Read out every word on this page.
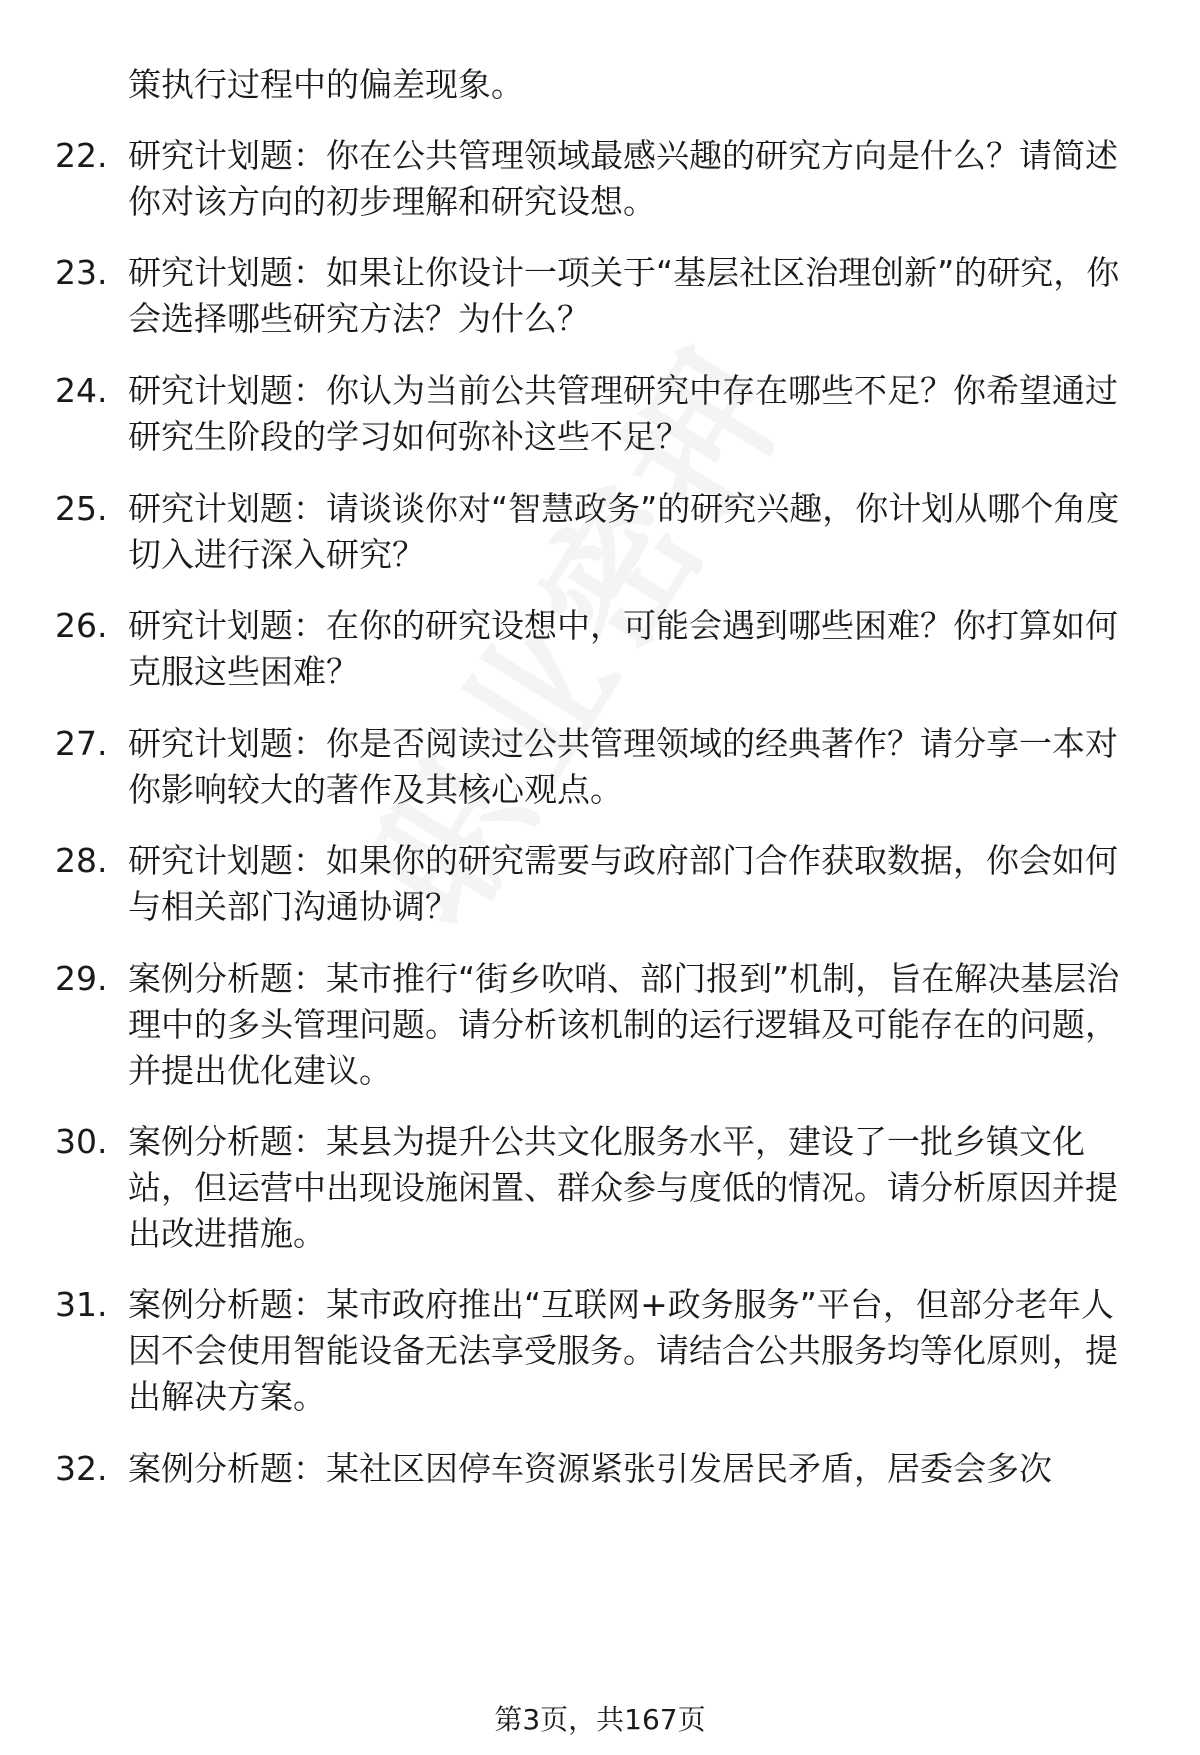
策执行过程中的偏差现象。
22. 研究计划题：你在公共管理领域最感兴趣的研究方向是什么？请简述你对该方向的初步理解和研究设想。
23. 研究计划题：如果让你设计一项关于“基层社区治理创新”的研究，你会选择哪些研究方法？为什么？
24. 研究计划题：你认为当前公共管理研究中存在哪些不足？你希望通过研究生阶段的学习如何弥补这些不足？
25. 研究计划题：请谈谈你对“智慧政务”的研究兴趣，你计划从哪个角度切入进行深入研究？
26. 研究计划题：在你的研究设想中，可能会遇到哪些困难？你打算如何克服这些困难？
27. 研究计划题：你是否阅读过公共管理领域的经典著作？请分享一本对你影响较大的著作及其核心观点。
28. 研究计划题：如果你的研究需要与政府部门合作获取数据，你会如何与相关部门沟通协调？
29. 案例分析题：某市推行“街乡吹哨、部门报到”机制，旨在解决基层治理中的多头管理问题。请分析该机制的运行逻辑及可能存在的问题，并提出优化建议。
30. 案例分析题：某县为提升公共文化服务水平，建设了一批乡镇文化站，但运营中出现设施闲置、群众参与度低的情况。请分析原因并提出改进措施。
31. 案例分析题：某市政府推出“互联网+政务服务”平台，但部分老年人因不会使用智能设备无法享受服务。请结合公共服务均等化原则，提出解决方案。
32. 案例分析题：某社区因停车资源紧张引发居民矛盾，居委会多次
第3页，共167页
